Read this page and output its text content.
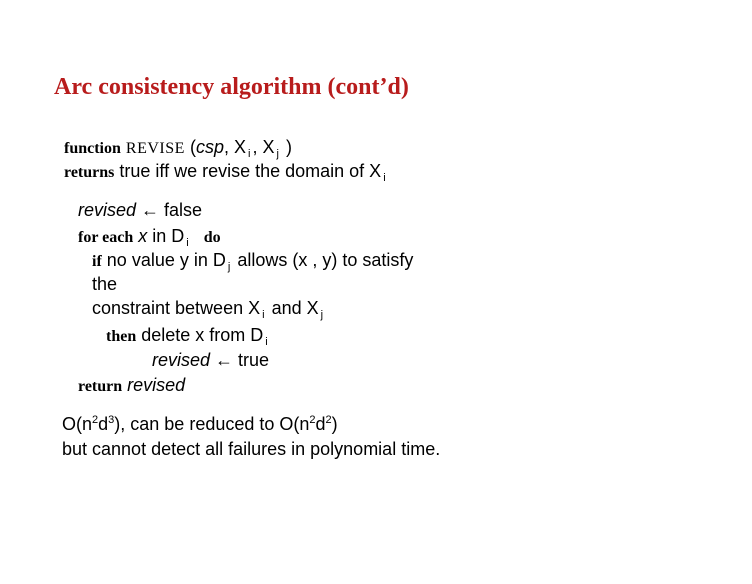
Arc consistency algorithm (cont’d)
function REVISE (csp, X $_i$ , X $_j$ )
returns true iff we revise the domain of X $_i$
revised ← false
for each x in D $_i$ do
if no value y in D $_j$ allows (x , y) to satisfy
the
constraint between X $_i$ and X $_j$
then delete x from D $_i$
revised ← true
return revised
$O(n^2d^3)$, can be reduced to $O(n^2d^2)$
but cannot detect all failures in polynomial time.
